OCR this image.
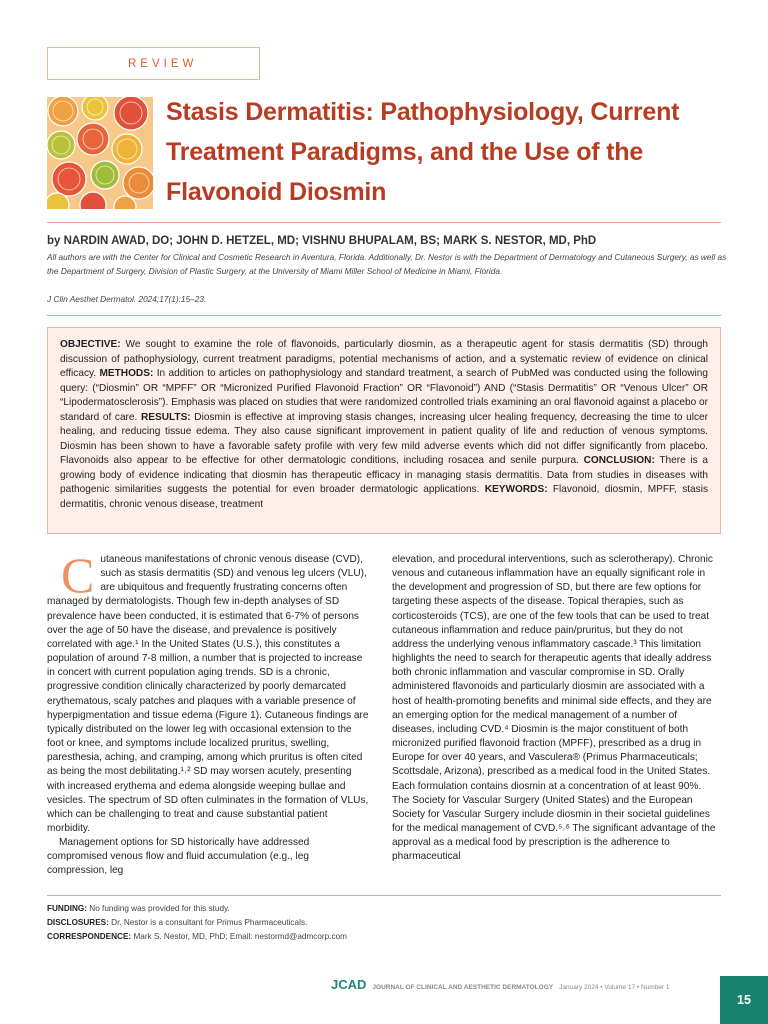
REVIEW
Stasis Dermatitis: Pathophysiology, Current Treatment Paradigms, and the Use of the Flavonoid Diosmin
by NARDIN AWAD, DO; JOHN D. HETZEL, MD; VISHNU BHUPALAM, BS; MARK S. NESTOR, MD, PhD
All authors are with the Center for Clinical and Cosmetic Research in Aventura, Florida. Additionally, Dr. Nestor is with the Department of Dermatology and Cutaneous Surgery, as well as the Department of Surgery, Division of Plastic Surgery, at the University of Miami Miller School of Medicine in Miami, Florida.
J Clin Aesthet Dermatol. 2024;17(1):15–23.
OBJECTIVE: We sought to examine the role of flavonoids, particularly diosmin, as a therapeutic agent for stasis dermatitis (SD) through discussion of pathophysiology, current treatment paradigms, potential mechanisms of action, and a systematic review of evidence on clinical efficacy. METHODS: In addition to articles on pathophysiology and standard treatment, a search of PubMed was conducted using the following query: (“Diosmin” OR “MPFF” OR “Micronized Purified Flavonoid Fraction” OR “Flavonoid”) AND (“Stasis Dermatitis” OR “Venous Ulcer” OR “Lipodermatosclerosis”). Emphasis was placed on studies that were randomized controlled trials examining an oral flavonoid against a placebo or standard of care. RESULTS: Diosmin is effective at improving stasis changes, increasing ulcer healing frequency, decreasing the time to ulcer healing, and reducing tissue edema. They also cause significant improvement in patient quality of life and reduction of venous symptoms. Diosmin has been shown to have a favorable safety profile with very few mild adverse events which did not differ significantly from placebo. Flavonoids also appear to be effective for other dermatologic conditions, including rosacea and senile purpura. CONCLUSION: There is a growing body of evidence indicating that diosmin has therapeutic efficacy in managing stasis dermatitis. Data from studies in diseases with pathogenic similarities suggests the potential for even broader dermatologic applications. KEYWORDS: Flavonoid, diosmin, MPFF, stasis dermatitis, chronic venous disease, treatment

Cutaneous manifestations of chronic venous disease (CVD), such as stasis dermatitis (SD) and venous leg ulcers (VLU), are ubiquitous and frequently frustrating concerns often managed by dermatologists. Though few in-depth analyses of SD prevalence have been conducted, it is estimated that 6-7% of persons over the age of 50 have the disease, and prevalence is positively correlated with age.¹ In the United States (U.S.), this constitutes a population of around 7-8 million, a number that is projected to increase in concert with current population aging trends. SD is a chronic, progressive condition clinically characterized by poorly demarcated erythematous, scaly patches and plaques with a variable presence of hyperpigmentation and tissue edema (Figure 1). Cutaneous findings are typically distributed on the lower leg with occasional extension to the foot or knee, and symptoms include localized pruritus, swelling, paresthesia, aching, and cramping, among which pruritus is often cited as being the most debilitating.¹˒² SD may worsen acutely, presenting with increased erythema and edema alongside weeping bullae and vesicles. The spectrum of SD often culminates in the formation of VLUs, which can be challenging to treat and cause substantial patient morbidity.

Management options for SD historically have addressed compromised venous flow and fluid accumulation (e.g., leg compression, leg

elevation, and procedural interventions, such as sclerotherapy). Chronic venous and cutaneous inflammation have an equally significant role in the development and progression of SD, but there are few options for targeting these aspects of the disease. Topical therapies, such as corticosteroids (TCS), are one of the few tools that can be used to treat cutaneous inflammation and reduce pain/pruritus, but they do not address the underlying venous inflammatory cascade.³ This limitation highlights the need to search for therapeutic agents that ideally address both chronic inflammation and vascular compromise in SD. Orally administered flavonoids and particularly diosmin are associated with a host of health-promoting benefits and minimal side effects, and they are an emerging option for the medical management of a number of diseases, including CVD.⁴ Diosmin is the major constituent of both micronized purified flavonoid fraction (MPFF), prescribed as a drug in Europe for over 40 years, and Vasculera® (Primus Pharmaceuticals; Scottsdale, Arizona), prescribed as a medical food in the United States. Each formulation contains diosmin at a concentration of at least 90%. The Society for Vascular Surgery (United States) and the European Society for Vascular Surgery include diosmin in their societal guidelines for the medical management of CVD.⁵˒⁶ The significant advantage of the approval as a medical food by prescription is the adherence to pharmaceutical

FUNDING: No funding was provided for this study.
DISCLOSURES: Dr. Nestor is a consultant for Primus Pharmaceuticals.
CORRESPONDENCE: Mark S. Nestor, MD, PhD; Email: nestormd@admcorp.com
JCAD JOURNAL OF CLINICAL AND AESTHETIC DERMATOLOGY January 2024 • Volume 17 • Number 1
15
